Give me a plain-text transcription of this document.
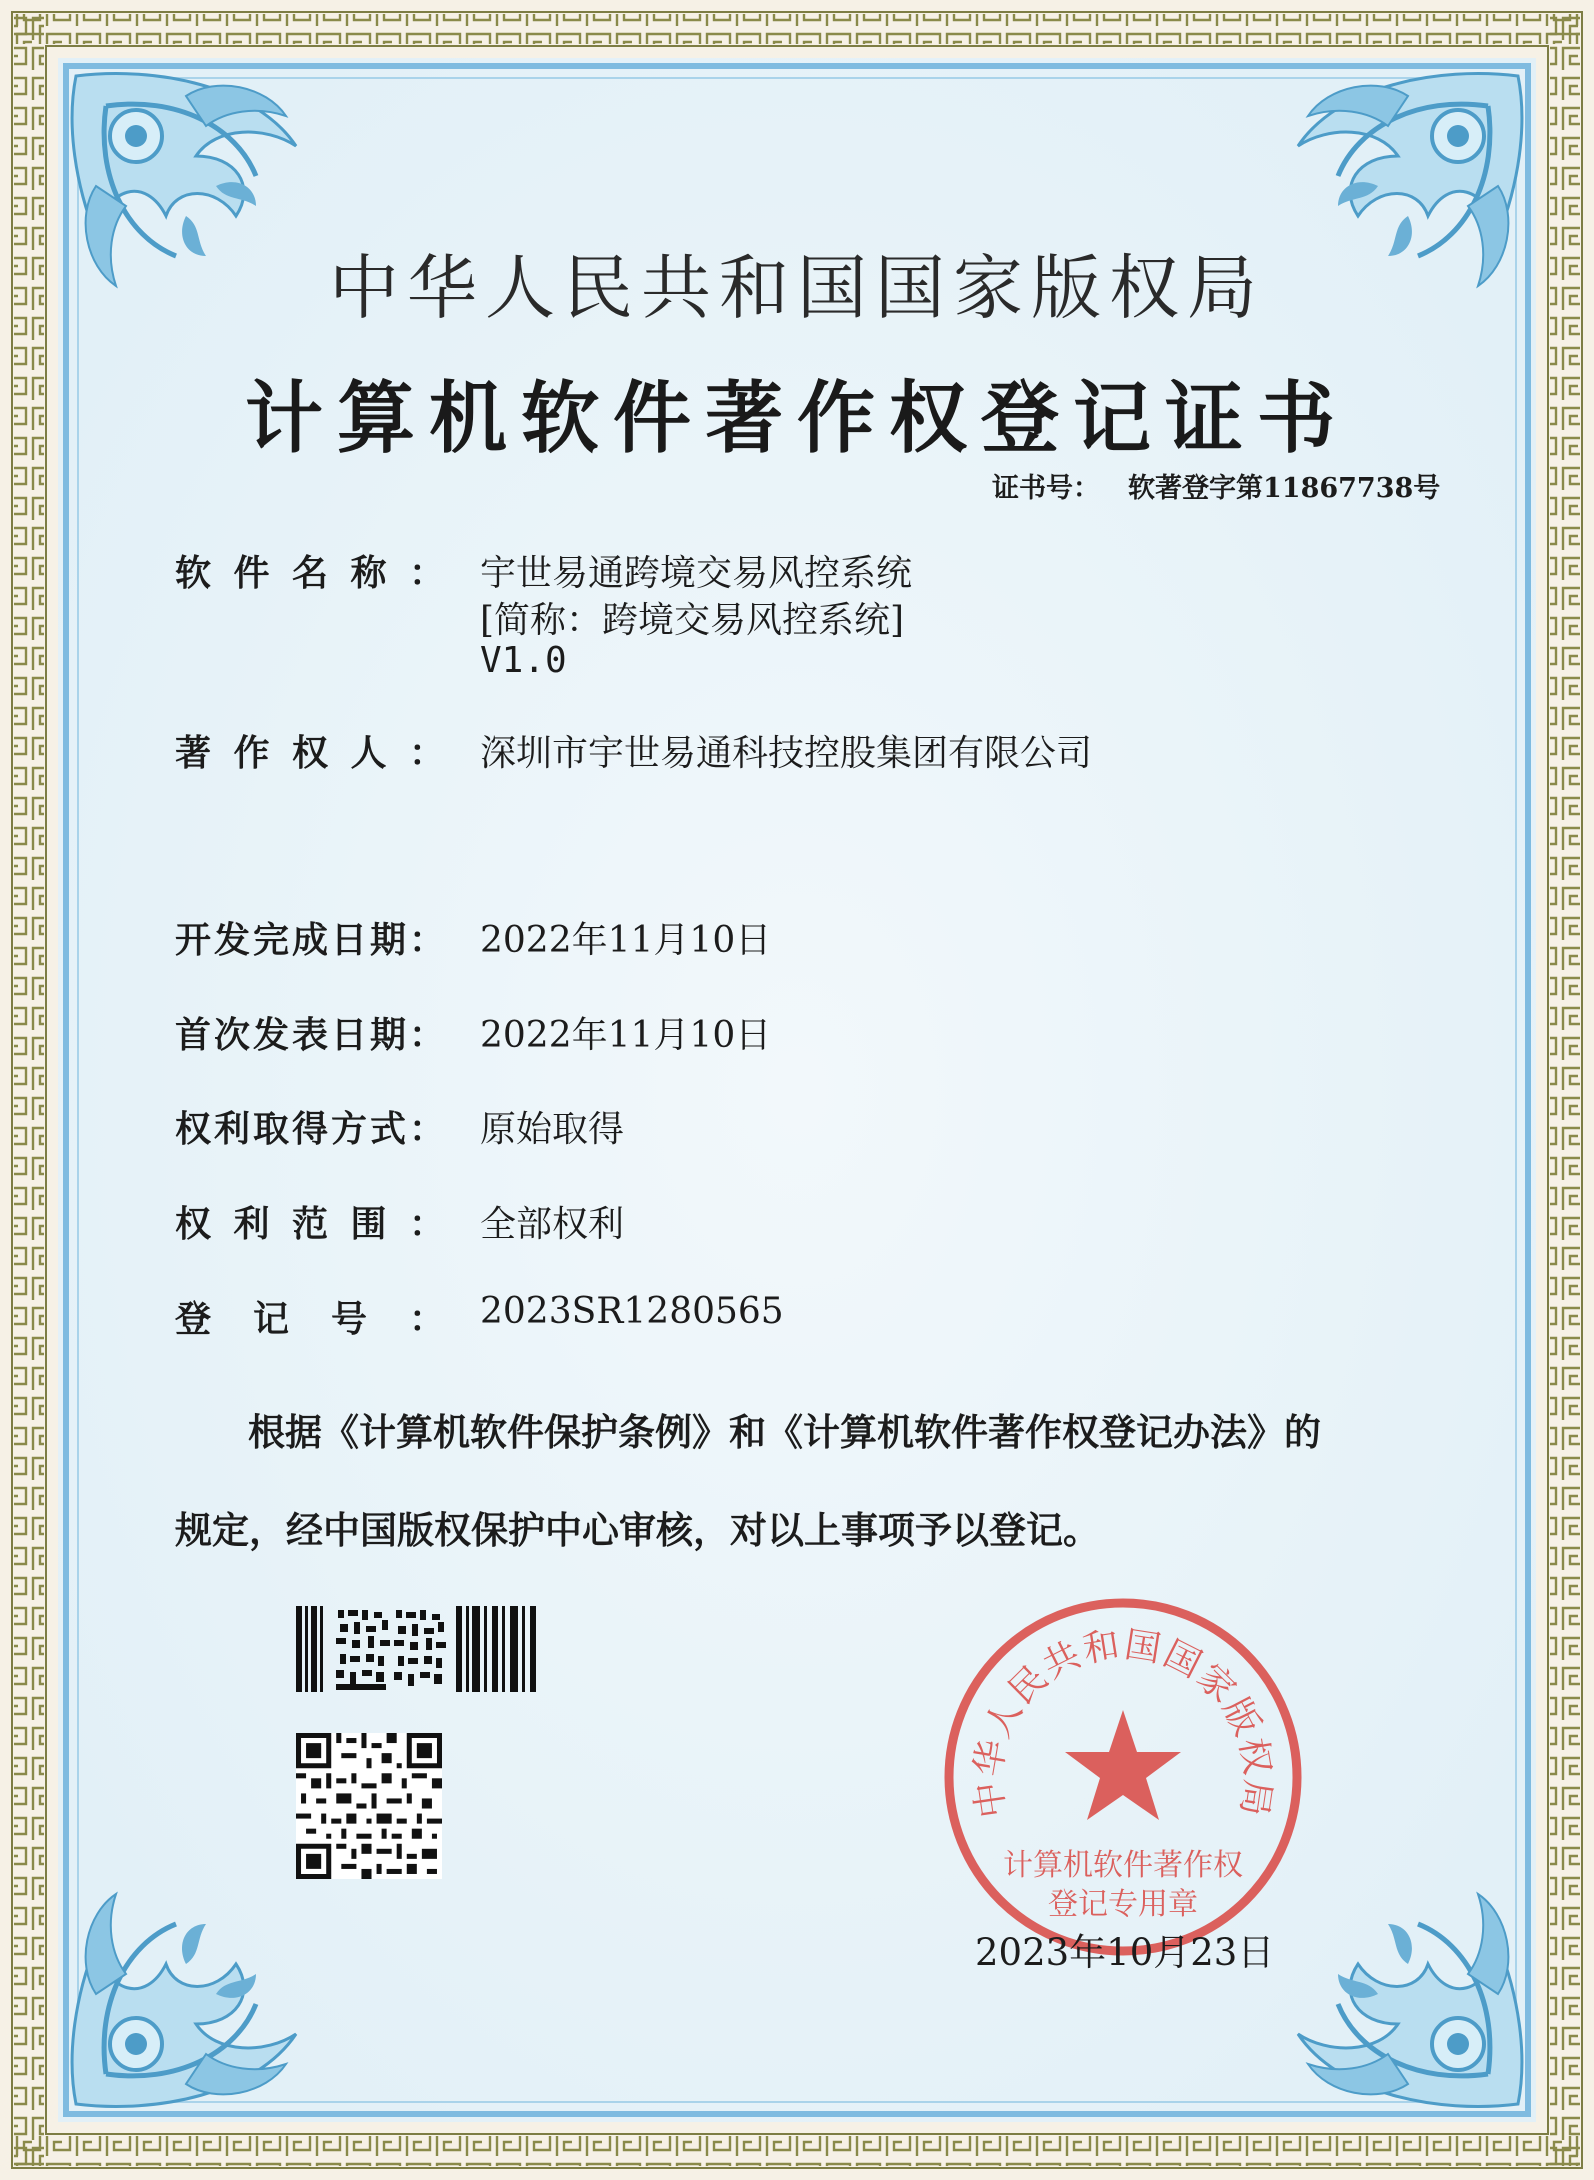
中华人民共和国国家版权局
计算机软件著作权登记证书
证书号： 软著登字第11867738号
软件名称： 宇世易通跨境交易风控系统
[简称：跨境交易风控系统]
V1.0
著作权人： 深圳市宇世易通科技控股集团有限公司
开发完成日期： 2022年11月10日
首次发表日期： 2022年11月10日
权利取得方式： 原始取得
权利范围： 全部权利
登记号： 2023SR1280565
根据《计算机软件保护条例》和《计算机软件著作权登记办法》的
规定，经中国版权保护中心审核，对以上事项予以登记。
中华人民共和国国家版权局
计算机软件著作权
登记专用章
2023年10月23日
